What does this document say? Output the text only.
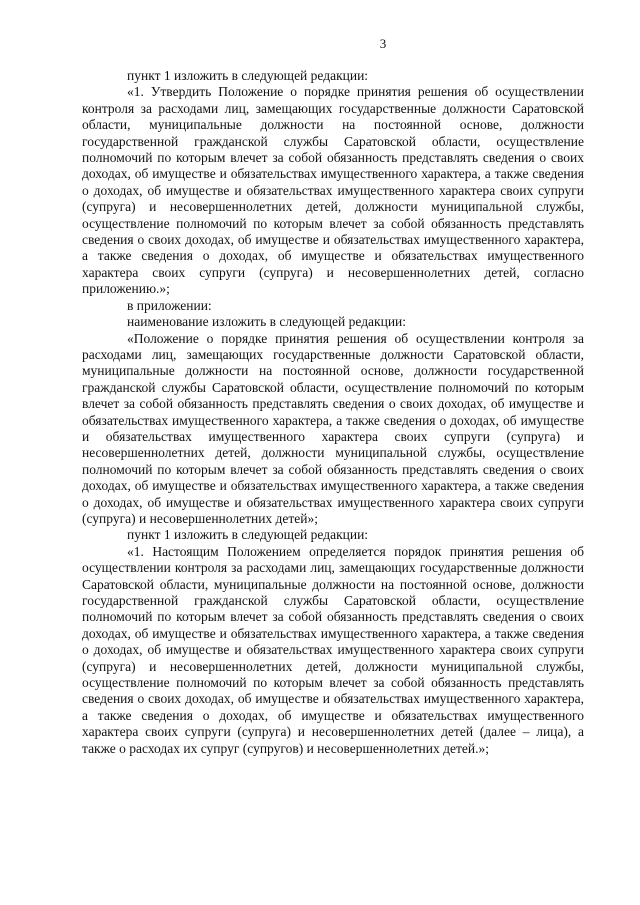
3

пункт 1 изложить в следующей редакции:

«1. Утвердить Положение о порядке принятия решения об осуществлении контроля за расходами лиц, замещающих государственные должности Саратовской области, муниципальные должности на постоянной основе, должности государственной гражданской службы Саратовской области, осуществление полномочий по которым влечет за собой обязанность представлять сведения о своих доходах, об имуществе и обязательствах имущественного характера, а также сведения о доходах, об имуществе и обязательствах имущественного характера своих супруги (супруга) и несовершеннолетних детей, должности муниципальной службы, осуществление полномочий по которым влечет за собой обязанность представлять сведения о своих доходах, об имуществе и обязательствах имущественного характера, а также сведения о доходах, об имуществе и обязательствах имущественного характера своих супруги (супруга) и несовершеннолетних детей, согласно приложению.»;

в приложении:

наименование изложить в следующей редакции:

«Положение о порядке принятия решения об осуществлении контроля за расходами лиц, замещающих государственные должности Саратовской области, муниципальные должности на постоянной основе, должности государственной гражданской службы Саратовской области, осуществление полномочий по которым влечет за собой обязанность представлять сведения о своих доходах, об имуществе и обязательствах имущественного характера, а также сведения о доходах, об имуществе и обязательствах имущественного характера своих супруги (супруга) и несовершеннолетних детей, должности муниципальной службы, осуществление полномочий по которым влечет за собой обязанность представлять сведения о своих доходах, об имуществе и обязательствах имущественного характера, а также сведения о доходах, об имуществе и обязательствах имущественного характера своих супруги (супруга) и несовершеннолетних детей»;

пункт 1 изложить в следующей редакции:

«1. Настоящим Положением определяется порядок принятия решения об осуществлении контроля за расходами лиц, замещающих государственные должности Саратовской области, муниципальные должности на постоянной основе, должности государственной гражданской службы Саратовской области, осуществление полномочий по которым влечет за собой обязанность представлять сведения о своих доходах, об имуществе и обязательствах имущественного характера, а также сведения о доходах, об имуществе и обязательствах имущественного характера своих супруги (супруга) и несовершеннолетних детей, должности муниципальной службы, осуществление полномочий по которым влечет за собой обязанность представлять сведения о своих доходах, об имуществе и обязательствах имущественного характера, а также сведения о доходах, об имуществе и обязательствах имущественного характера своих супруги (супруга) и несовершеннолетних детей (далее – лица), а также о расходах их супруг (супругов) и несовершеннолетних детей.»;
